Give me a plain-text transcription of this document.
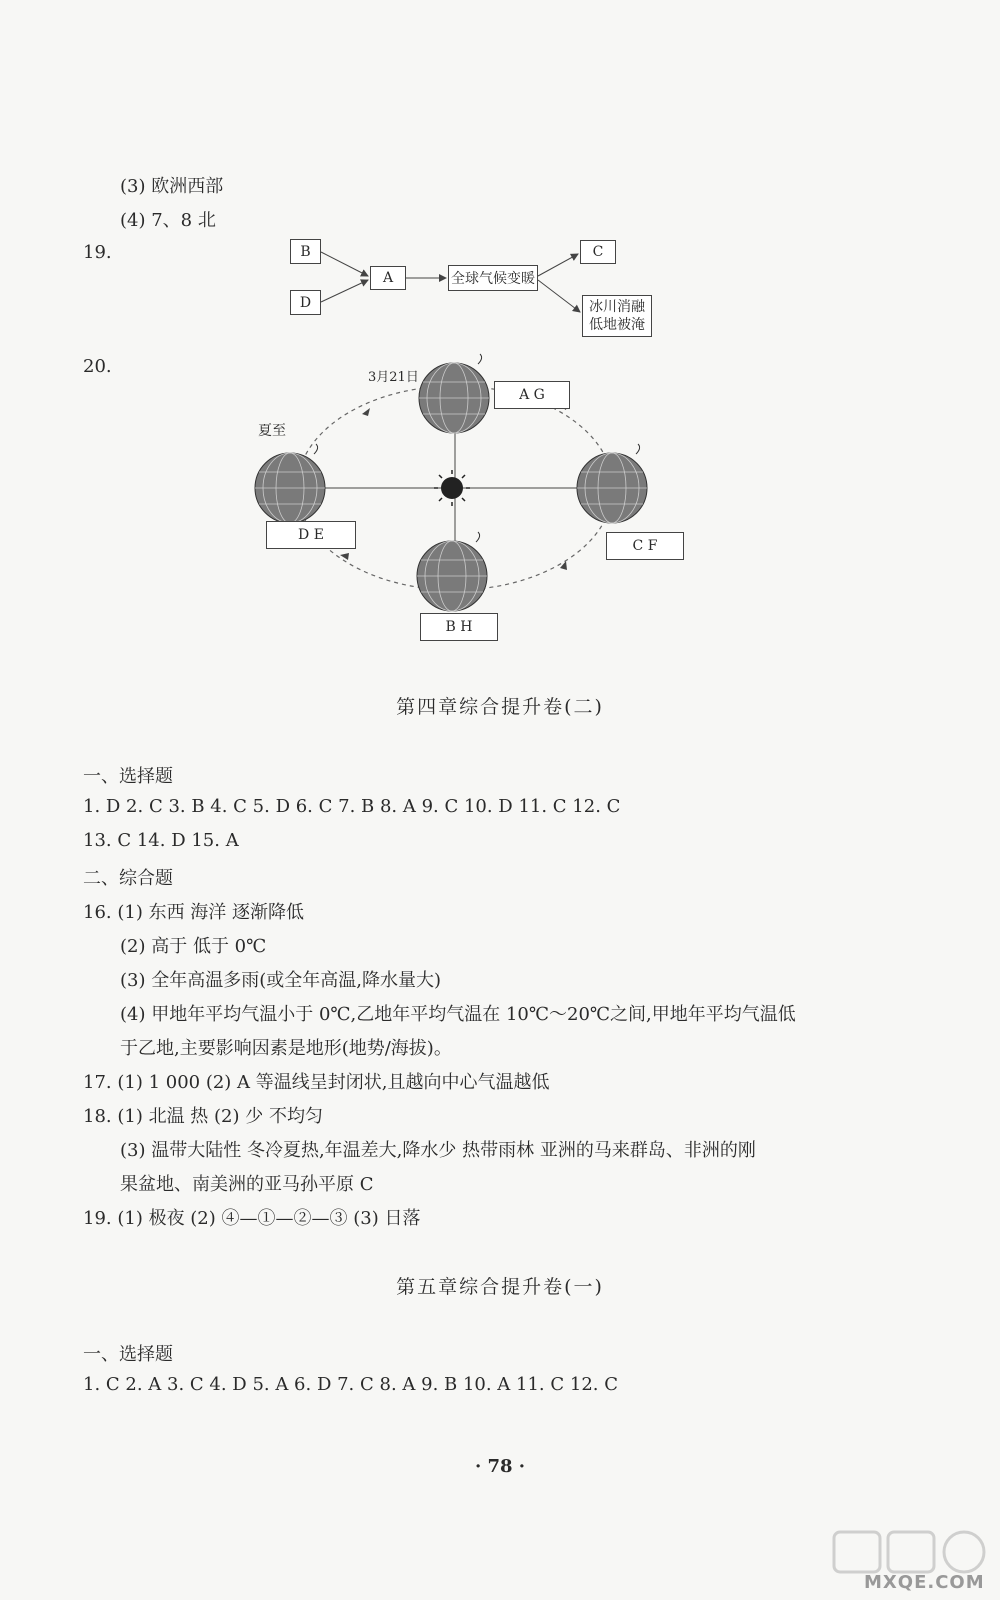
(3) 欧洲西部
(4) 7、8 北
19.	B
D
A	全球气候变暖
C
冰川消融
低地被淹
20.
3月21日
夏至
A G
D E
C F
B H
第四章综合提升卷(二)
一、选择题
1. D 2. C 3. B 4. C 5. D 6. C 7. B 8. A 9. C 10. D 11. C 12. C
13. C 14. D 15. A
二、综合题
16. (1) 东西 海洋 逐渐降低
(2) 高于 低于 0℃
(3) 全年高温多雨(或全年高温,降水量大)
(4) 甲地年平均气温小于 0℃,乙地年平均气温在 10℃～20℃之间,甲地年平均气温低
于乙地,主要影响因素是地形(地势/海拔)。
17. (1) 1 000 (2) A 等温线呈封闭状,且越向中心气温越低
18. (1) 北温 热 (2) 少 不均匀
(3) 温带大陆性 冬冷夏热,年温差大,降水少 热带雨林 亚洲的马来群岛、非洲的刚
果盆地、南美洲的亚马孙平原 C
19. (1) 极夜 (2) ④—①—②—③ (3) 日落
第五章综合提升卷(一)
一、选择题
1. C 2. A 3. C 4. D 5. A 6. D 7. C 8. A 9. B 10. A 11. C 12. C
· 78 ·
MXQE.COM
